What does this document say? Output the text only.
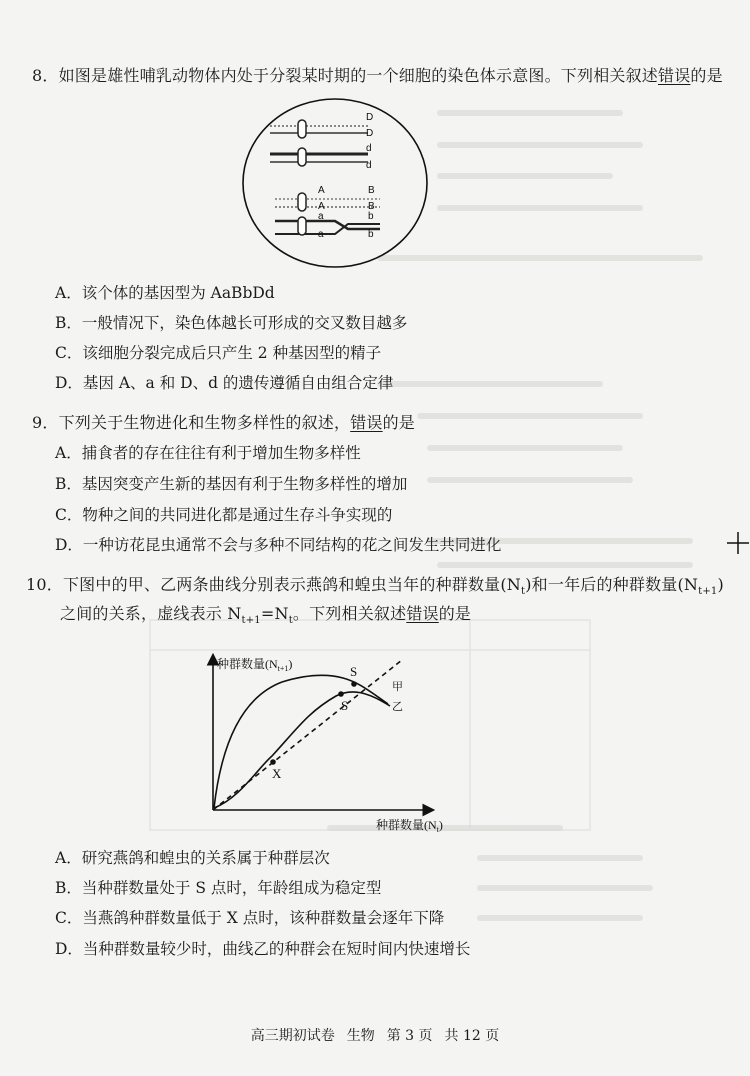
8．如图是雄性哺乳动物体内处于分裂某时期的一个细胞的染色体示意图。下列相关叙述错误的是
D
D
d
d
A
A
B
B
a
a
b
b
A．该个体的基因型为 AaBbDd
B．一般情况下，染色体越长可形成的交叉数目越多
C．该细胞分裂完成后只产生 2 种基因型的精子
D．基因 A、a 和 D、d 的遗传遵循自由组合定律
9．下列关于生物进化和生物多样性的叙述，错误的是
A．捕食者的存在往往有利于增加生物多样性
B．基因突变产生新的基因有利于生物多样性的增加
C．物种之间的共同进化都是通过生存斗争实现的
D．一种访花昆虫通常不会与多种不同结构的花之间发生共同进化
10．下图中的甲、乙两条曲线分别表示燕鸽和蝗虫当年的种群数量$(N_t)$和一年后的种群数量$(N_{t+1})$
之间的关系，虚线表示 $N_{t+1}=N_t$。下列相关叙述错误的是
种群数量$(N_{t+1})$
种群数量$(N_t)$
S
S
X
甲
乙
A．研究燕鸽和蝗虫的关系属于种群层次
B．当种群数量处于 S 点时，年龄组成为稳定型
C．当燕鸽种群数量低于 X 点时，该种群数量会逐年下降
D．当种群数量较少时，曲线乙的种群会在短时间内快速增长
高三期初试卷 生物 第 3 页 共 12 页
